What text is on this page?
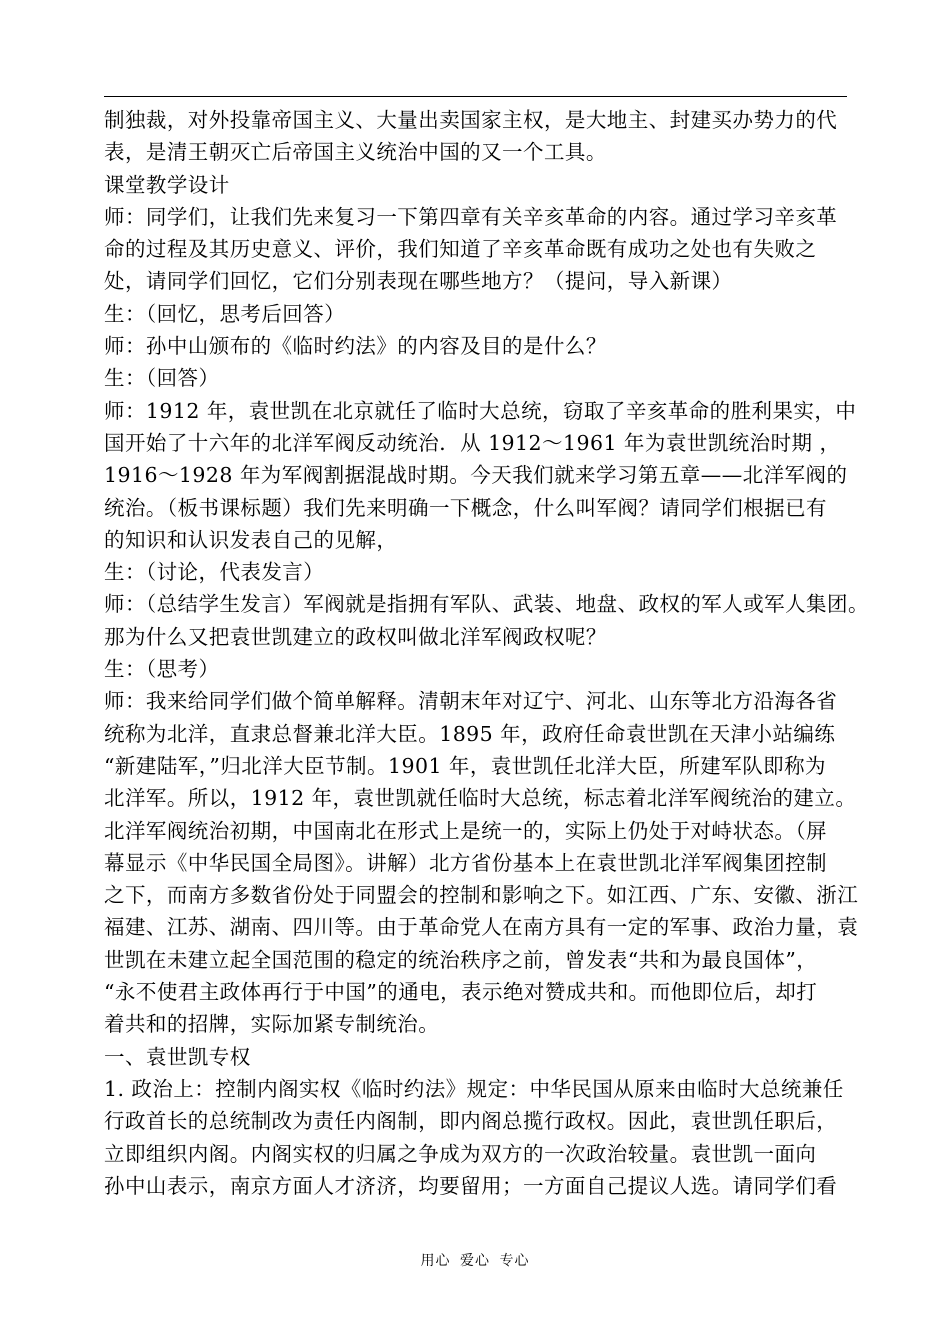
制独裁，对外投靠帝国主义、大量出卖国家主权，是大地主、封建买办势力的代
表，是清王朝灭亡后帝国主义统治中国的又一个工具。
课堂教学设计
师：同学们，让我们先来复习一下第四章有关辛亥革命的内容。通过学习辛亥革
命的过程及其历史意义、评价，我们知道了辛亥革命既有成功之处也有失败之
处，请同学们回忆，它们分别表现在哪些地方？（提问，导入新课）
生：（回忆，思考后回答）
师：孙中山颁布的《临时约法》的内容及目的是什么？
生：（回答）
师：1912 年，袁世凯在北京就任了临时大总统，窃取了辛亥革命的胜利果实，中
国开始了十六年的北洋军阀反动统治．从 1912～1961 年为袁世凯统治时期 ，
1916～1928 年为军阀割据混战时期。今天我们就来学习第五章——北洋军阀的
统治。（板书课标题）我们先来明确一下概念，什么叫军阀？请同学们根据已有
的知识和认识发表自己的见解，
生：（讨论，代表发言）
师：（总结学生发言）军阀就是指拥有军队、武装、地盘、政权的军人或军人集团。
那为什么又把袁世凯建立的政权叫做北洋军阀政权呢？
生：（思考）
师：我来给同学们做个简单解释。清朝末年对辽宁、河北、山东等北方沿海各省
统称为北洋，直隶总督兼北洋大臣。1895 年，政府任命袁世凯在天津小站编练
“新建陆军，”归北洋大臣节制。1901 年，袁世凯任北洋大臣，所建军队即称为
北洋军。所以，1912 年，袁世凯就任临时大总统，标志着北洋军阀统治的建立。
北洋军阀统治初期，中国南北在形式上是统一的，实际上仍处于对峙状态。（屏
幕显示《中华民国全局图》。讲解）北方省份基本上在袁世凯北洋军阀集团控制
之下，而南方多数省份处于同盟会的控制和影响之下。如江西、广东、安徽、浙江
福建、江苏、湖南、四川等。由于革命党人在南方具有一定的军事、政治力量，袁
世凯在未建立起全国范围的稳定的统治秩序之前，曾发表“共和为最良国体”，
“永不使君主政体再行于中国”的通电，表示绝对赞成共和。而他即位后，却打
着共和的招牌，实际加紧专制统治。
一、袁世凯专权
1. 政治上：控制内阁实权《临时约法》规定：中华民国从原来由临时大总统兼任
行政首长的总统制改为责任内阁制，即内阁总揽行政权。因此，袁世凯任职后，
立即组织内阁。内阁实权的归属之争成为双方的一次政治较量。袁世凯一面向
孙中山表示，南京方面人才济济，均要留用；一方面自己提议人选。请同学们看
用心 爱心 专心
